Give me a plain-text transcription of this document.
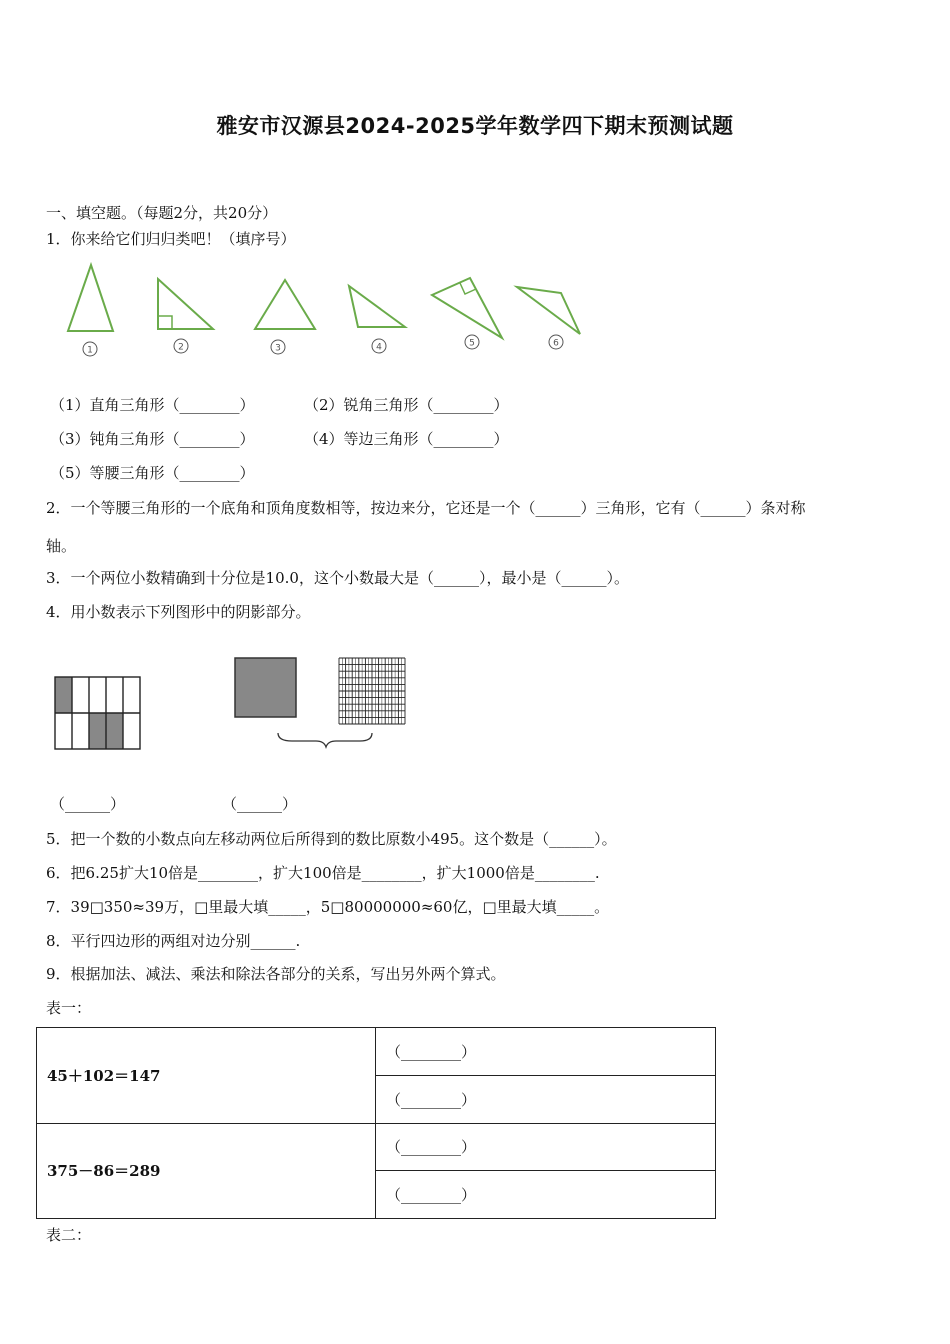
雅安市汉源县2024-2025学年数学四下期末预测试题
一、填空题。（每题2分，共20分）
1．你来给它们归归类吧！（填序号）
1	2	3	4	5	6
（1）直角三角形（________）	（2）锐角三角形（________）
（3）钝角三角形（________）	（4）等边三角形（________）
（5）等腰三角形（________）
2．一个等腰三角形的一个底角和顶角度数相等，按边来分，它还是一个（______）三角形，它有（______）条对称
轴。
3．一个两位小数精确到十分位是10.0，这个小数最大是（______），最小是（______）。
4．用小数表示下列图形中的阴影部分。
（______）	（______）
5．把一个数的小数点向左移动两位后所得到的数比原数小495。这个数是（______）。
6．把6.25扩大10倍是________，扩大100倍是________，扩大1000倍是________.
7．39□350≈39万，□里最大填_____，5□80000000≈60亿，□里最大填_____。
8．平行四边形的两组对边分别______.
9．根据加法、减法、乘法和除法各部分的关系，写出另外两个算式。
表一：
45＋102＝147	（________）
	（________）
375－86＝289	（________）
	（________）
表二：
